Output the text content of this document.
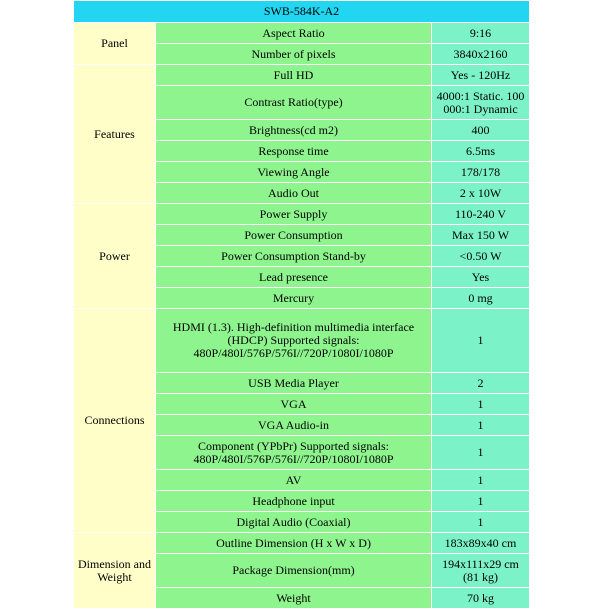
SWB-584K-A2		
Panel	Aspect Ratio	9:16
	Number of pixels	3840x2160
Features	Full HD	Yes - 120Hz
	Contrast Ratio(type)	4000:1 Static. 100 000:1 Dynamic
	Brightness(cd m2)	400
	Response time	6.5ms
	Viewing Angle	178/178
	Audio Out	2 x 10W
Power	Power Supply	110-240 V
	Power Consumption	Max 150 W
	Power Consumption Stand-by	<0.50 W
	Lead presence	Yes
	Mercury	0 mg
Connections	HDMI (1.3). High-definition multimedia interface (HDCP) Supported signals: 480P/480I/576P/576I//720P/1080I/1080P	1
	USB Media Player	2
	VGA	1
	VGA Audio-in	1
	Component (YPbPr) Supported signals: 480P/480I/576P/576I//720P/1080I/1080P	1
	AV	1
	Headphone input	1
	Digital Audio (Coaxial)	1
Dimension and Weight	Outline Dimension (H x W x D)	183x89x40 cm
	Package Dimension(mm)	194x111x29 cm (81 kg)
	Weight	70 kg
